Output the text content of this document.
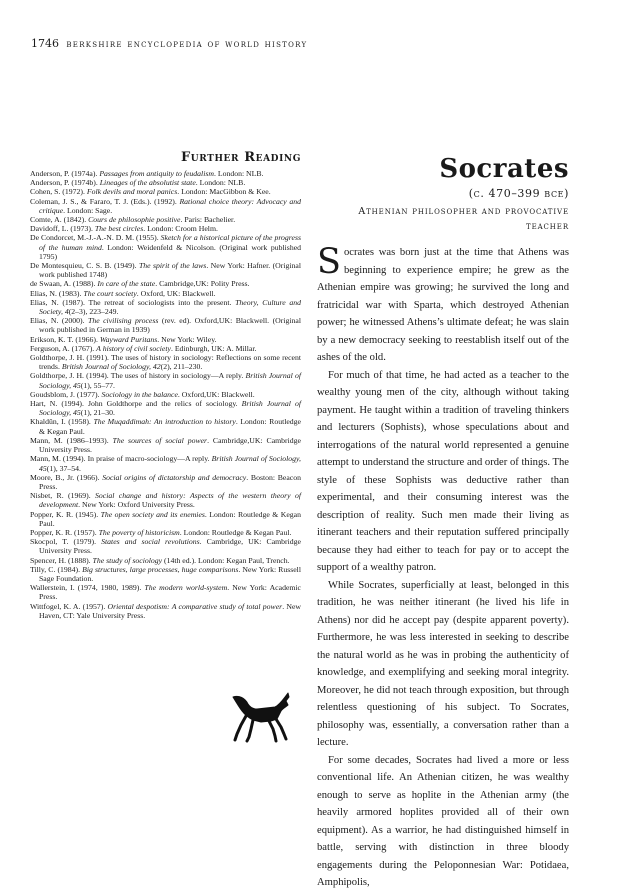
1746 berkshire encyclopedia of world history
Further Reading
Anderson, P. (1974a). Passages from antiquity to feudalism. London: NLB.
Anderson, P. (1974b). Lineages of the absolutist state. London: NLB.
Cohen, S. (1972). Folk devils and moral panics. London: MacGibbon & Kee.
Coleman, J. S., & Fararo, T. J. (Eds.). (1992). Rational choice theory: Advocacy and critique. London: Sage.
Comte, A. (1842). Cours de philosophie positive. Paris: Bachelier.
Davidoff, L. (1973). The best circles. London: Croom Helm.
De Condorcet, M.-J.-A.-N. D. M. (1955). Sketch for a historical picture of the progress of the human mind. London: Weidenfeld & Nicolson. (Original work published 1795)
De Montesquieu, C. S. B. (1949). The spirit of the laws. New York: Hafner. (Original work published 1748)
de Swaan, A. (1988). In care of the state. Cambridge,UK: Polity Press.
Elias, N. (1983). The court society. Oxford, UK: Blackwell.
Elias, N. (1987). The retreat of sociologists into the present. Theory, Culture and Society, 4(2–3), 223–249.
Elias, N. (2000). The civilising process (rev. ed). Oxford,UK: Blackwell. (Original work published in German in 1939)
Erikson, K. T. (1966). Wayward Puritans. New York: Wiley.
Ferguson, A. (1767). A history of civil society. Edinburgh, UK: A. Millar.
Goldthorpe, J. H. (1991). The uses of history in sociology: Reflections on some recent trends. British Journal of Sociology, 42(2), 211–230.
Goldthorpe, J. H. (1994). The uses of history in sociology—A reply. British Journal of Sociology, 45(1), 55–77.
Goudsblom, J. (1977). Sociology in the balance. Oxford,UK: Blackwell.
Hart, N. (1994). John Goldthorpe and the relics of sociology. British Journal of Sociology, 45(1), 21–30.
Khaldûn, I. (1958). The Muqaddimah: An introduction to history. London: Routledge & Kegan Paul.
Mann, M. (1986–1993). The sources of social power. Cambridge,UK: Cambridge University Press.
Mann, M. (1994). In praise of macro-sociology—A reply. British Journal of Sociology, 45(1), 37–54.
Moore, B., Jr. (1966). Social origins of dictatorship and democracy. Boston: Beacon Press.
Nisbet, R. (1969). Social change and history: Aspects of the western theory of development. New York: Oxford University Press.
Popper, K. R. (1945). The open society and its enemies. London: Routledge & Kegan Paul.
Popper, K. R. (1957). The poverty of historicism. London: Routledge & Kegan Paul.
Skocpol, T. (1979). States and social revolutions. Cambridge, UK: Cambridge University Press.
Spencer, H. (1888). The study of sociology (14th ed.). London: Kegan Paul, Trench.
Tilly, C. (1984). Big structures, large processes, huge comparisons. New York: Russell Sage Foundation.
Wallerstein, I. (1974, 1980, 1989). The modern world-system. New York: Academic Press.
Wittfogel, K. A. (1957). Oriental despotism: A comparative study of total power. New Haven, CT: Yale University Press.
Socrates
(c. 470–399 bce)
Athenian philosopher and provocative teacher

Socrates was born just at the time that Athens was beginning to experience empire; he grew as the Athenian empire was growing; he survived the long and fratricidal war with Sparta, which destroyed Athenian power; he witnessed Athens’s ultimate defeat; he was slain by a new democracy seeking to reestablish itself out of the ashes of the old.

For much of that time, he had acted as a teacher to the wealthy young men of the city, although without taking payment. He taught within a tradition of traveling thinkers and lecturers (Sophists), whose speculations about and interrogations of the natural world represented a genuine attempt to understand the structure and order of things. The style of these Sophists was deductive rather than experimental, and their consuming interest was the description of reality. Such men made their living as itinerant teachers and their reputation suffered principally because they had either to teach for pay or to accept the support of a wealthy patron.

While Socrates, superficially at least, belonged in this tradition, he was neither itinerant (he lived his life in Athens) nor did he accept pay (despite apparent poverty). Furthermore, he was less interested in seeking to describe the natural world as he was in probing the authenticity of knowledge, and exemplifying and seeking moral integrity. Moreover, he did not teach through exposition, but through relentless questioning of his subject. To Socrates, philosophy was, essentially, a conversation rather than a lecture.

For some decades, Socrates had lived a more or less conventional life. An Athenian citizen, he was wealthy enough to serve as hoplite in the Athenian army (the heavily armored hoplites provided all of their own equipment). As a warrior, he had distinguished himself in battle, serving with distinction in three bloody engagements during the Peloponnesian War: Potidaea, Amphipolis,
